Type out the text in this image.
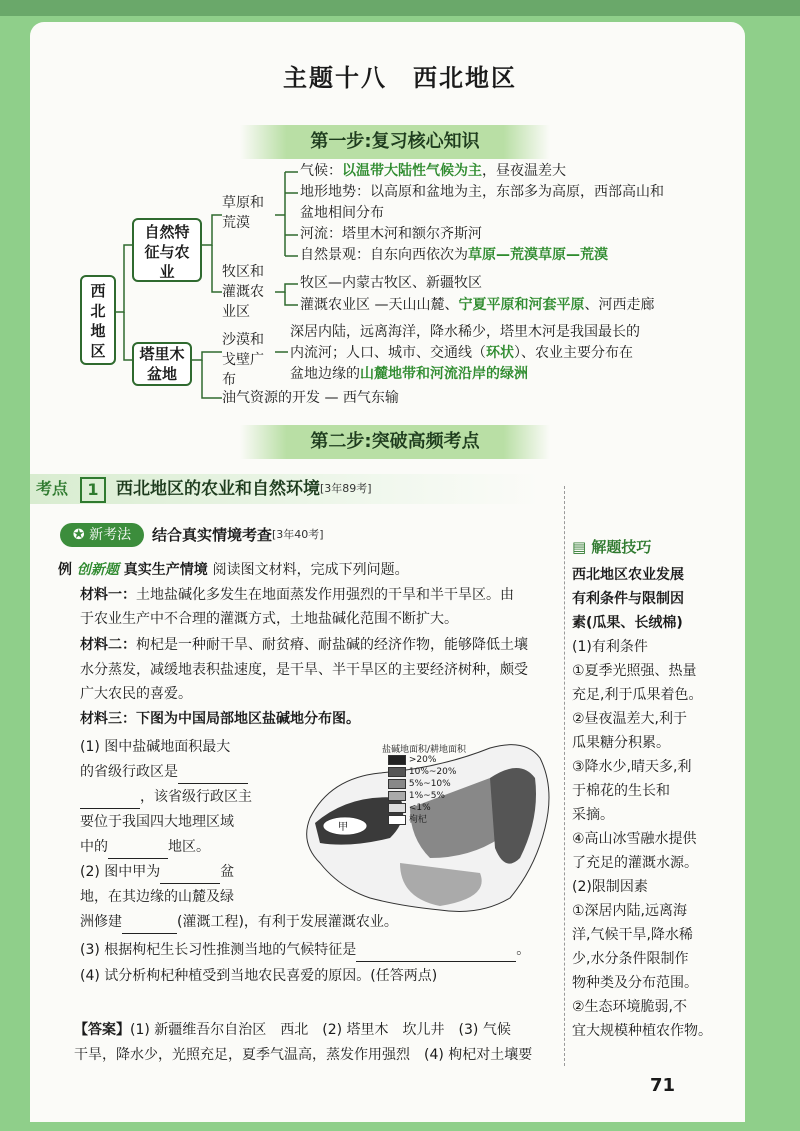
主题十八　西北地区
第一步:复习核心知识
西北地区
自然特征与农业
塔里木盆地
草原和荒漠
牧区和灌溉农业区
沙漠和戈壁广布
油气资源的开发 — 西气东输
气候：以温带大陆性气候为主，昼夜温差大
地形地势：以高原和盆地为主，东部多为高原，西部高山和
盆地相间分布
河流：塔里木河和额尔齐斯河
自然景观：自东向西依次为草原—荒漠草原—荒漠
牧区—内蒙古牧区、新疆牧区
灌溉农业区 —天山山麓、宁夏平原和河套平原、河西走廊
深居内陆，远离海洋，降水稀少，塔里木河是我国最长的
内流河；人口、城市、交通线（环状）、农业主要分布在
盆地边缘的山麓地带和河流沿岸的绿洲
第二步:突破高频考点
考点	1	西北地区的农业和自然环境[3年89考]
✪ 新考法	结合真实情境考查[3年40考]
例 创新题 真实生产情境 阅读图文材料，完成下列问题。
材料一：土地盐碱化多发生在地面蒸发作用强烈的干旱和半干旱区。由
于农业生产中不合理的灌溉方式，土地盐碱化范围不断扩大。
材料二：枸杞是一种耐干旱、耐贫瘠、耐盐碱的经济作物，能够降低土壤
水分蒸发，减缓地表积盐速度，是干旱、半干旱区的主要经济树种，颇受
广大农民的喜爱。
材料三：下图为中国局部地区盐碱地分布图。
(1) 图中盐碱地面积最大
的省级行政区是
，该省级行政区主
要位于我国四大地理区域
中的	地区。
(2) 图中甲为	盆
地，在其边缘的山麓及绿
洲修建	(灌溉工程)，有利于发展灌溉农业。
(3) 根据枸杞生长习性推测当地的气候特征是	。
(4) 试分析枸杞种植受到当地农民喜爱的原因。(任答两点)
【答案】(1) 新疆维吾尔自治区　西北　(2) 塔里木　坎儿井　(3) 气候
干旱，降水少，光照充足，夏季气温高，蒸发作用强烈　(4) 枸杞对土壤要
甲
盐碱地面积/耕地面积
>20%
10%~20%
5%~10%
1%~5%
<1%
枸杞
▤ 解题技巧
西北地区农业发展
有利条件与限制因
素(瓜果、长绒棉)
(1)有利条件
①夏季光照强、热量
充足,利于瓜果着色。
②昼夜温差大,利于
瓜果糖分积累。
③降水少,晴天多,利
于棉花的生长和
采摘。
④高山冰雪融水提供
了充足的灌溉水源。
(2)限制因素
①深居内陆,远离海
洋,气候干旱,降水稀
少,水分条件限制作
物种类及分布范围。
②生态环境脆弱,不
宜大规模种植农作物。
71
